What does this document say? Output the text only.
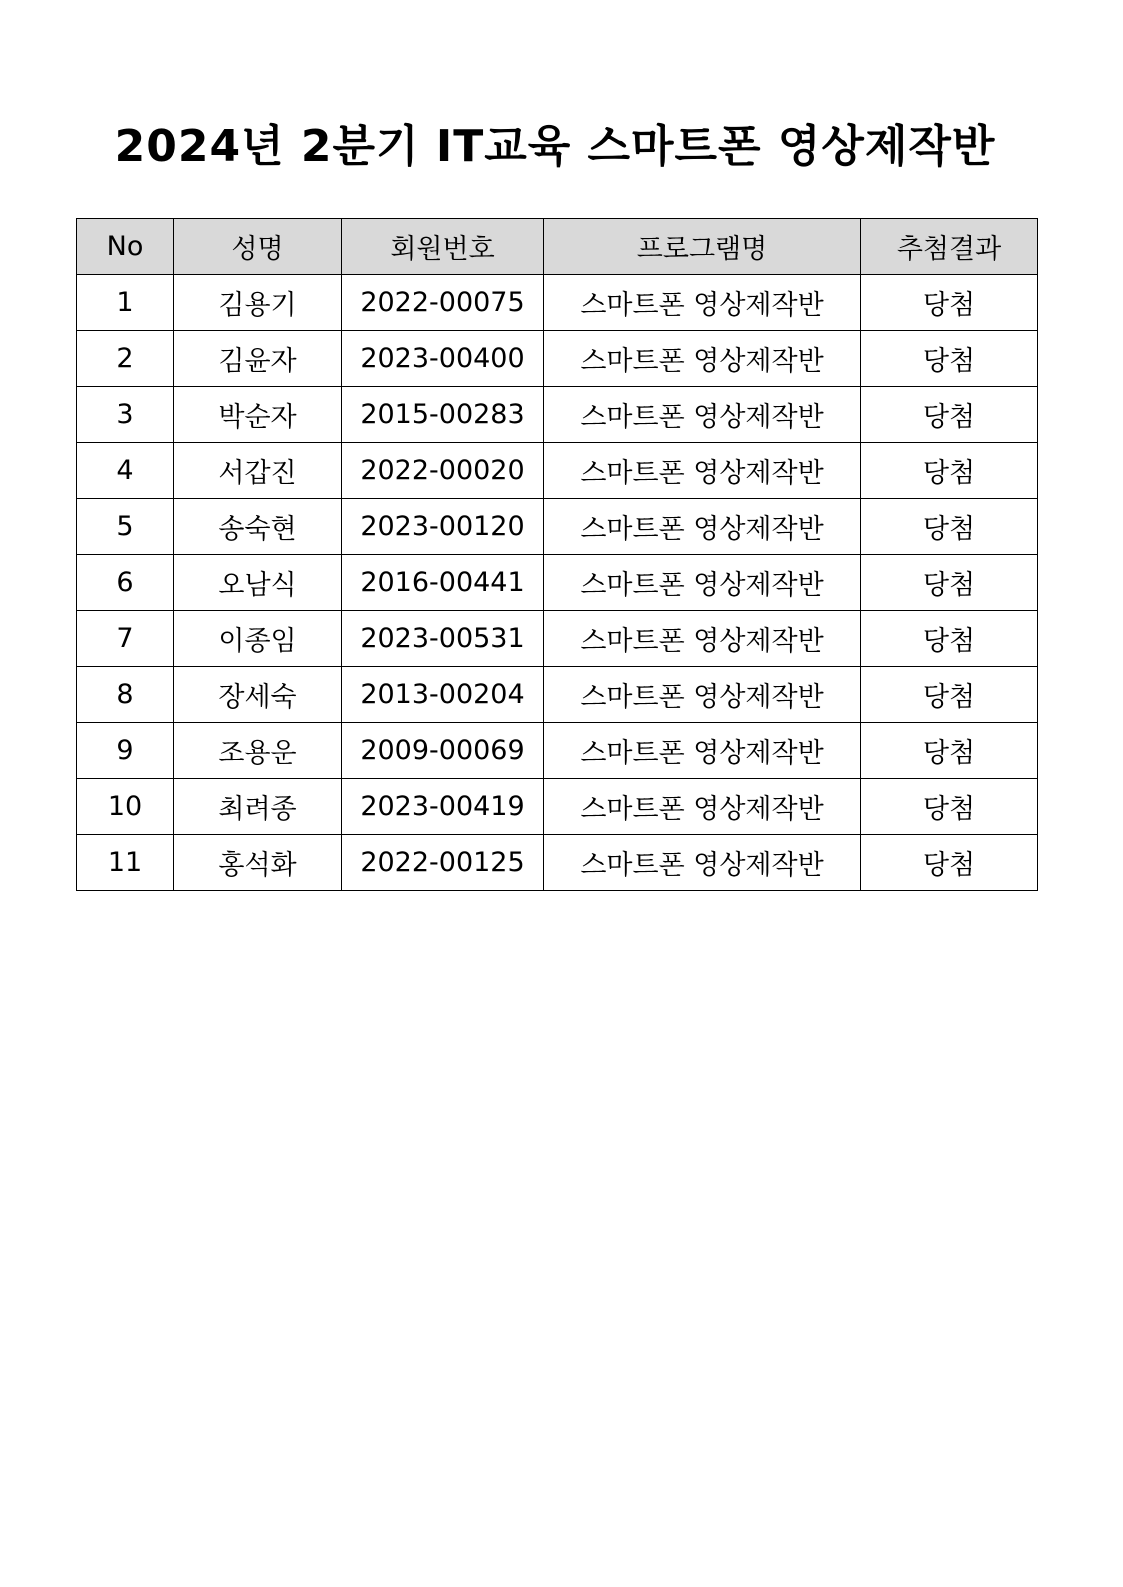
2024년 2분기 IT교육 스마트폰 영상제작반
No	성명	회원번호	프로그램명	추첨결과
1	김용기	2022-00075	스마트폰 영상제작반	당첨
2	김윤자	2023-00400	스마트폰 영상제작반	당첨
3	박순자	2015-00283	스마트폰 영상제작반	당첨
4	서갑진	2022-00020	스마트폰 영상제작반	당첨
5	송숙현	2023-00120	스마트폰 영상제작반	당첨
6	오남식	2016-00441	스마트폰 영상제작반	당첨
7	이종임	2023-00531	스마트폰 영상제작반	당첨
8	장세숙	2013-00204	스마트폰 영상제작반	당첨
9	조용운	2009-00069	스마트폰 영상제작반	당첨
10	최려종	2023-00419	스마트폰 영상제작반	당첨
11	홍석화	2022-00125	스마트폰 영상제작반	당첨
